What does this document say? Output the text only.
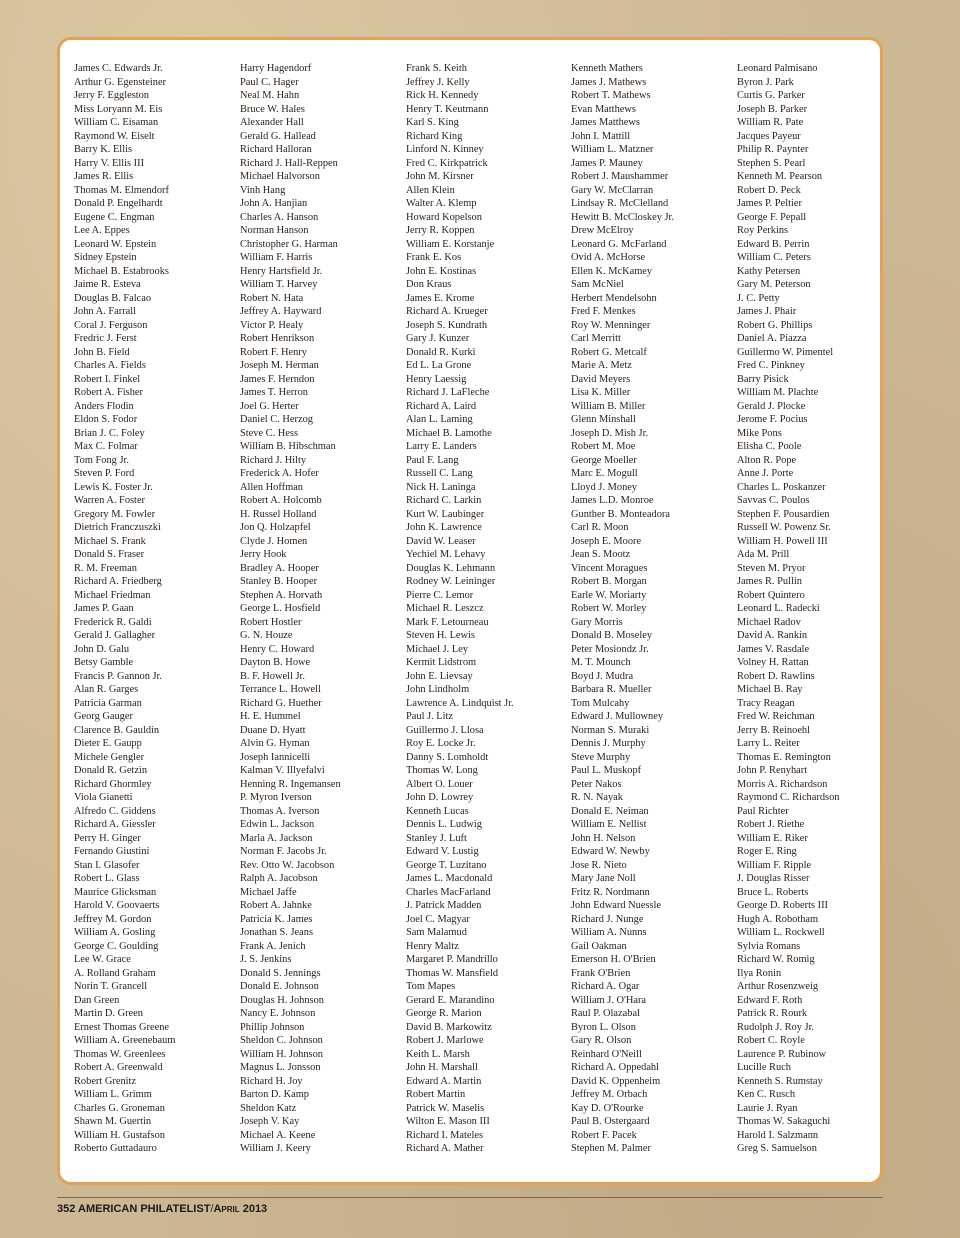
James C. Edwards Jr.
Arthur G. Egensteiner
Jerry F. Eggleston
Miss Loryann M. Eis
William C. Eisaman
Raymond W. Eiselt
Barry K. Ellis
Harry V. Ellis III
James R. Ellis
Thomas M. Elmendorf
Donald P. Engelhardt
Eugene C. Engman
Lee A. Eppes
Leonard W. Epstein
Sidney Epstein
Michael B. Estabrooks
Jaime R. Esteva
Douglas B. Falcao
John A. Farrall
Coral J. Ferguson
Fredric J. Ferst
John B. Field
Charles A. Fields
Robert I. Finkel
Robert A. Fisher
Anders Flodin
Eldon S. Fodor
Brian J. C. Foley
Max C. Folmar
Tom Fong Jr.
Steven P. Ford
Lewis K. Foster Jr.
Warren A. Foster
Gregory M. Fowler
Dietrich Franczuszki
Michael S. Frank
Donald S. Fraser
R. M. Freeman
Richard A. Friedberg
Michael Friedman
James P. Gaan
Frederick R. Galdi
Gerald J. Gallagher
John D. Galu
Betsy Gamble
Francis P. Gannon Jr.
Alan R. Garges
Patricia Garman
Georg Gauger
Clarence B. Gauldin
Dieter E. Gaupp
Michele Gengler
Donald R. Getzin
Richard Ghormley
Viola Gianetti
Alfredo C. Giddens
Richard A. Giessler
Perry H. Ginger
Fernando Giustini
Stan I. Glasofer
Robert L. Glass
Maurice Glicksman
Harold V. Goovaerts
Jeffrey M. Gordon
William A. Gosling
George C. Goulding
Lee W. Grace
A. Rolland Graham
Norin T. Grancell
Dan Green
Martin D. Green
Ernest Thomas Greene
William A. Greenebaum
Thomas W. Greenlees
Robert A. Greenwald
Robert Grenitz
William L. Grimm
Charles G. Groneman
Shawn M. Guertin
William H. Gustafson
Roberto Guttadauro
Harry Hagendorf
Paul C. Hager
Neal M. Hahn
Bruce W. Hales
Alexander Hall
Gerald G. Hallead
Richard Halloran
Richard J. Hall-Reppen
Michael Halvorson
Vinh Hang
John A. Hanjian
Charles A. Hanson
Norman Hanson
Christopher G. Harman
William F. Harris
Henry Hartsfield Jr.
William T. Harvey
Robert N. Hata
Jeffrey A. Hayward
Victor P. Healy
Robert Henrikson
Robert F. Henry
Joseph M. Herman
James F. Herndon
James T. Herron
Joel G. Herter
Daniel C. Herzog
Steve C. Hess
William B. Hibschman
Richard J. Hilty
Frederick A. Hofer
Allen Hoffman
Robert A. Holcomb
H. Russel Holland
Jon Q. Holzapfel
Clyde J. Homen
Jerry Hook
Bradley A. Hooper
Stanley B. Hooper
Stephen A. Horvath
George L. Hosfield
Robert Hostler
G. N. Houze
Henry C. Howard
Dayton B. Howe
B. F. Howell Jr.
Terrance L. Howell
Richard G. Huether
H. E. Hummel
Duane D. Hyatt
Alvin G. Hyman
Joseph Iannicelli
Kalman V. Illyefalvi
Henning R. Ingemansen
P. Myron Iverson
Thomas A. Iverson
Edwin L. Jackson
Marla A. Jackson
Norman F. Jacobs Jr.
Rev. Otto W. Jacobson
Ralph A. Jacobson
Michael Jaffe
Robert A. Jahnke
Patricia K. James
Jonathan S. Jeans
Frank A. Jenich
J. S. Jenkins
Donald S. Jennings
Donald E. Johnson
Douglas H. Johnson
Nancy E. Johnson
Phillip Johnson
Sheldon C. Johnson
William H. Johnson
Magnus L. Jonsson
Richard H. Joy
Barton D. Kamp
Sheldon Katz
Joseph V. Kay
Michael A. Keene
William J. Keery
Frank S. Keith
Jeffrey J. Kelly
Rick H. Kennedy
Henry T. Keutmann
Karl S. King
Richard King
Linford N. Kinney
Fred C. Kirkpatrick
John M. Kirsner
Allen Klein
Walter A. Klemp
Howard Kopelson
Jerry R. Koppen
William E. Korstanje
Frank E. Kos
John E. Kostinas
Don Kraus
James E. Krome
Richard A. Krueger
Joseph S. Kundrath
Gary J. Kunzer
Donald R. Kurki
Ed L. La Grone
Henry Laessig
Richard J. LaFleche
Richard A. Laird
Alan L. Laming
Michael B. Lamothe
Larry E. Landers
Paul F. Lang
Russell C. Lang
Nick H. Laninga
Richard C. Larkin
Kurt W. Laubinger
John K. Lawrence
David W. Leaser
Yechiel M. Lehavy
Douglas K. Lehmann
Rodney W. Leininger
Pierre C. Lemor
Michael R. Leszcz
Mark F. Letourneau
Steven H. Lewis
Michael J. Ley
Kermit Lidstrom
John E. Lievsay
John Lindholm
Lawrence A. Lindquist Jr.
Paul J. Litz
Guillermo J. Llosa
Roy E. Locke Jr.
Danny S. Lomholdt
Thomas W. Long
Albert O. Louer
John D. Lowrey
Kenneth Lucas
Dennis L. Ludwig
Stanley J. Luft
Edward V. Lustig
George T. Luzitano
James L. Macdonald
Charles MacFarland
J. Patrick Madden
Joel C. Magyar
Sam Malamud
Henry Maltz
Margaret P. Mandrillo
Thomas W. Mansfield
Tom Mapes
Gerard E. Marandino
George R. Marion
David B. Markowitz
Robert J. Marlowe
Keith L. Marsh
John H. Marshall
Edward A. Martin
Robert Martin
Patrick W. Maselis
Wilton E. Mason III
Richard I. Mateles
Richard A. Mather
Kenneth Mathers
James J. Mathews
Robert T. Mathews
Evan Matthews
James Matthews
John I. Mattill
William L. Matzner
James P. Mauney
Robert J. Maushammer
Gary W. McClarran
Lindsay R. McClelland
Hewitt B. McCloskey Jr.
Drew McElroy
Leonard G. McFarland
Ovid A. McHorse
Ellen K. McKamey
Sam McNiel
Herbert Mendelsohn
Fred F. Menkes
Roy W. Menninger
Carl Merritt
Robert G. Metcalf
Marie A. Metz
David Meyers
Lisa K. Miller
William B. Miller
Glenn Minshall
Joseph D. Mish Jr.
Robert M. Moe
George Moeller
Marc E. Mogull
Lloyd J. Money
James L.D. Monroe
Gunther B. Monteadora
Carl R. Moon
Joseph E. Moore
Jean S. Mootz
Vincent Moragues
Robert B. Morgan
Earle W. Moriarty
Robert W. Morley
Gary Morris
Donald B. Moseley
Peter Mosiondz Jr.
M. T. Mounch
Boyd J. Mudra
Barbara R. Mueller
Tom Mulcahy
Edward J. Mullowney
Norman S. Muraki
Dennis J. Murphy
Steve Murphy
Paul L. Muskopf
Peter Nakos
R. N. Nayak
Donald E. Neiman
William E. Nellist
John H. Nelson
Edward W. Newby
Jose R. Nieto
Mary Jane Noll
Fritz R. Nordmann
John Edward Nuessle
Richard J. Nunge
William A. Nunns
Gail Oakman
Emerson H. O'Brien
Frank O'Brien
Richard A. Ogar
William J. O'Hara
Raul P. Olazabal
Byron L. Olson
Gary R. Olson
Reinhard O'Neill
Richard A. Oppedahl
David K. Oppenheim
Jeffrey M. Orbach
Kay D. O'Rourke
Paul B. Ostergaard
Robert F. Pacek
Stephen M. Palmer
Leonard Palmisano
Byron J. Park
Curtis G. Parker
Joseph B. Parker
William R. Pate
Jacques Payeur
Philip R. Paynter
Stephen S. Pearl
Kenneth M. Pearson
Robert D. Peck
James P. Peltier
George F. Pepall
Roy Perkins
Edward B. Perrin
William C. Peters
Kathy Petersen
Gary M. Peterson
J. C. Petty
James J. Phair
Robert G. Phillips
Daniel A. Piazza
Guillermo W. Pimentel
Fred C. Pinkney
Barry Pisick
William M. Plachte
Gerald J. Plocke
Jerome F. Pocius
Mike Pons
Elisha C. Poole
Alton R. Pope
Anne J. Porte
Charles L. Poskanzer
Savvas C. Poulos
Stephen F. Pousardien
Russell W. Powenz Sr.
William H. Powell III
Ada M. Prill
Steven M. Pryor
James R. Pullin
Robert Quintero
Leonard L. Radecki
Michael Radov
David A. Rankin
James V. Rasdale
Volney H. Rattan
Robert D. Rawlins
Michael B. Ray
Tracy Reagan
Fred W. Reichman
Jerry B. Reinoehl
Larry L. Reiter
Thomas E. Remington
John P. Renyhart
Morris A. Richardson
Raymond C. Richardson
Paul Richter
Robert J. Riethe
William E. Riker
Roger E. Ring
William F. Ripple
J. Douglas Risser
Bruce L. Roberts
George D. Roberts III
Hugh A. Robotham
William L. Rockwell
Sylvia Romans
Richard W. Romig
Ilya Ronin
Arthur Rosenzweig
Edward F. Roth
Patrick R. Rourk
Rudolph J. Roy Jr.
Robert C. Royle
Laurence P. Rubinow
Lucille Ruch
Kenneth S. Rumstay
Ken C. Rusch
Laurie J. Ryan
Thomas W. Sakaguchi
Harold I. Salzmann
Greg S. Samuelson
352 AMERICAN PHILATELIST/April 2013
